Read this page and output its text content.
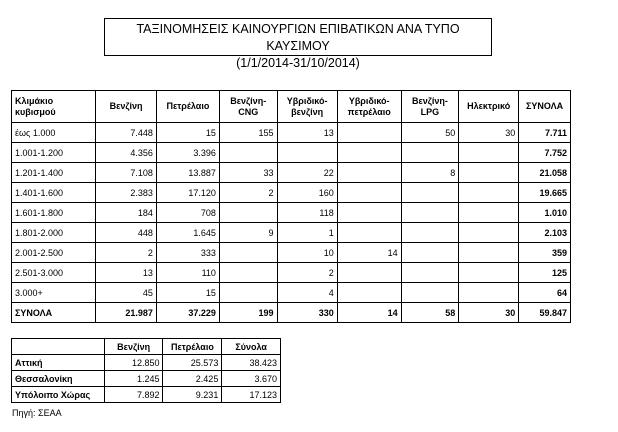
ΤΑΞΙΝΟΜΗΣΕΙΣ ΚΑΙΝΟΥΡΓΙΩΝ ΕΠΙΒΑΤΙΚΩΝ ΑΝΑ ΤΥΠΟ ΚΑΥΣΙΜΟΥ
(1/1/2014-31/10/2014)
Κλιμάκιο κυβισμού	Βενζίνη	Πετρέλαιο	Βενζίνη-CNG	Υβριδικό-βενζίνη	Υβριδικό-πετρέλαιο	Βενζίνη-LPG	Ηλεκτρικό	ΣΥΝΟΛΑ
έως 1.000	7.448	15	155	13		50	30	7.711
1.001-1.200	4.356	3.396						7.752
1.201-1.400	7.108	13.887	33	22		8		21.058
1.401-1.600	2.383	17.120	2	160				19.665
1.601-1.800	184	708		118				1.010
1.801-2.000	448	1.645	9	1				2.103
2.001-2.500	2	333		10	14			359
2.501-3.000	13	110		2				125
3.000+	45	15		4				64
ΣΥΝΟΛΑ	21.987	37.229	199	330	14	58	30	59.847
	Βενζίνη	Πετρέλαιο	Σύνολα
Αττική	12.850	25.573	38.423
Θεσσαλονίκη	1.245	2.425	3.670
Υπόλοιπο Χώρας	7.892	9.231	17.123
Πηγή: ΣΕΑΑ
